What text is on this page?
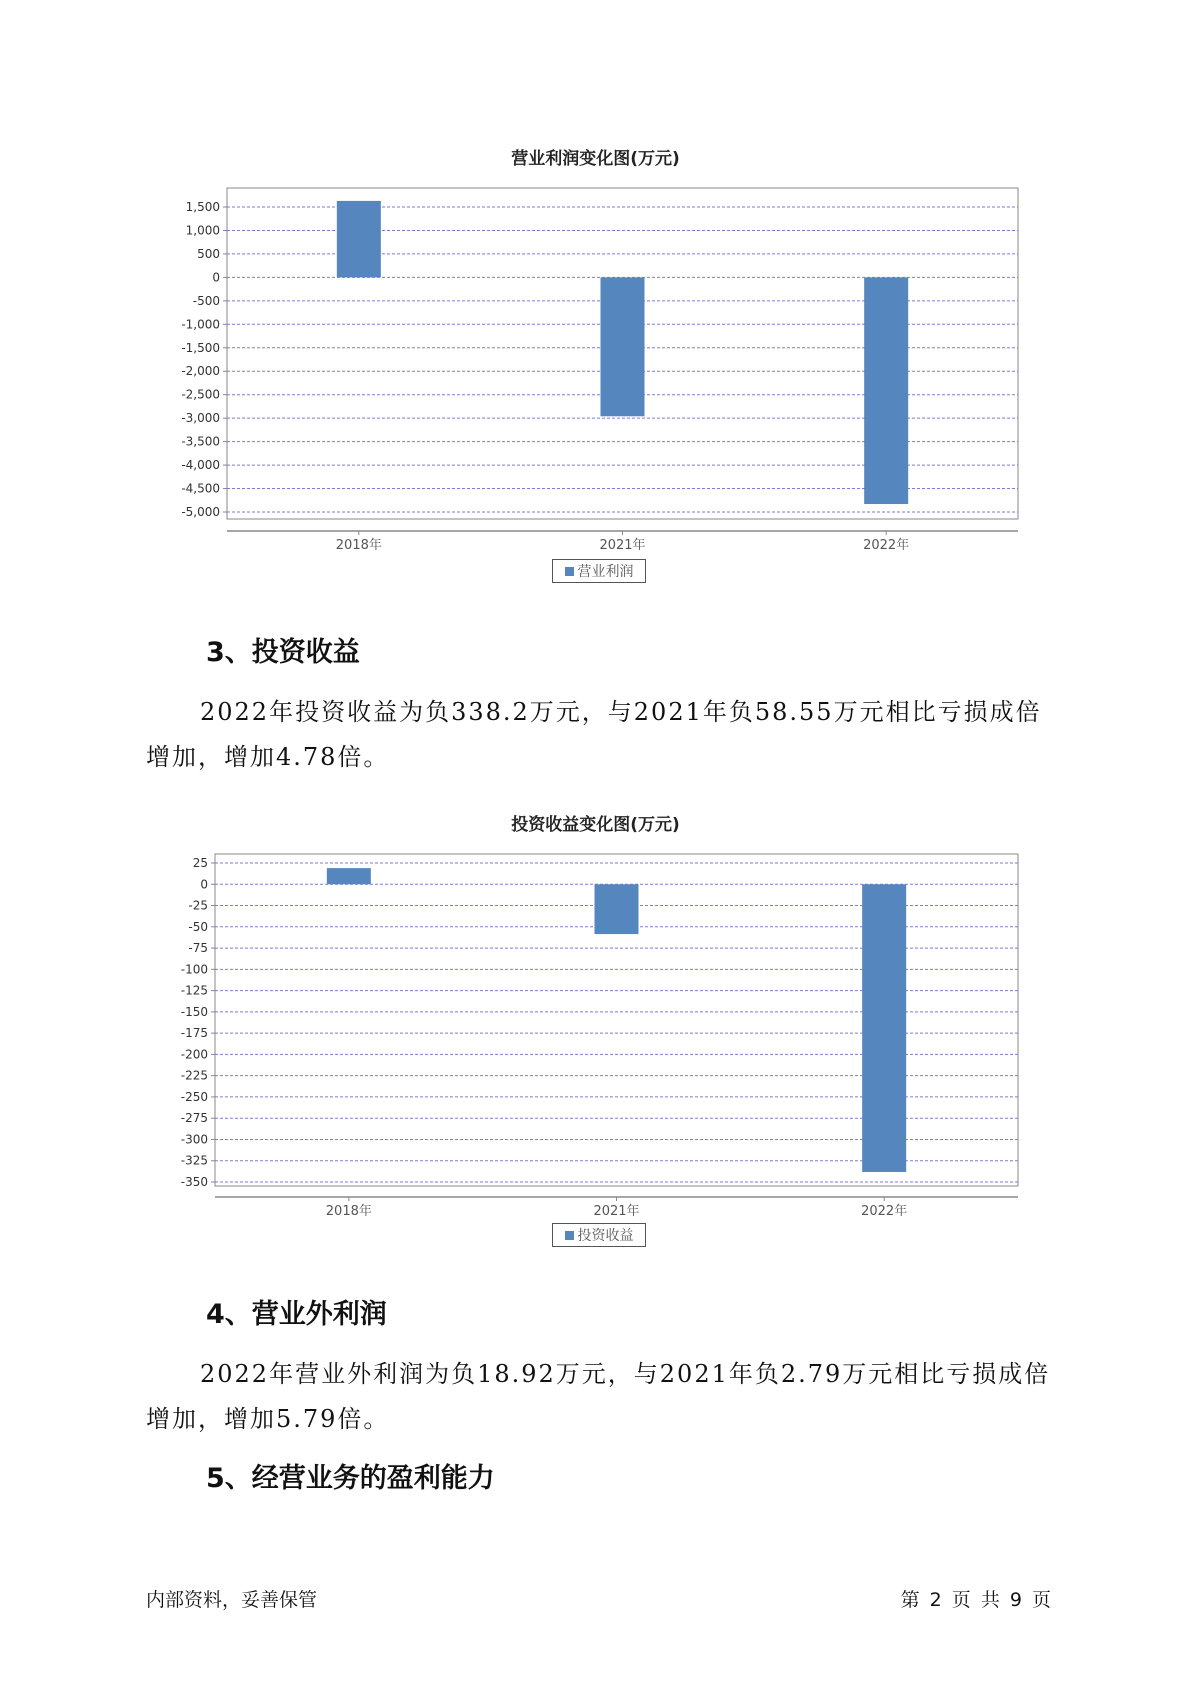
营业利润变化图(万元)
1,500
1,000
500
0
-500
-1,000
-1,500
-2,000
-2,500
-3,000
-3,500
-4,000
-4,500
-5,000
2018年	2021年	2022年
营业利润
3、投资收益

2022年投资收益为负338.2万元，与2021年负58.55万元相比亏损成倍增加，增加4.78倍。

投资收益变化图(万元)
25
0
-25
-50
-75
-100
-125
-150
-175
-200
-225
-250
-275
-300
-325
-350
2018年	2021年	2022年
投资收益
4、营业外利润

2022年营业外利润为负18.92万元，与2021年负2.79万元相比亏损成倍增加，增加5.79倍。

5、经营业务的盈利能力
内部资料，妥善保管	第 2 页 共 9 页
